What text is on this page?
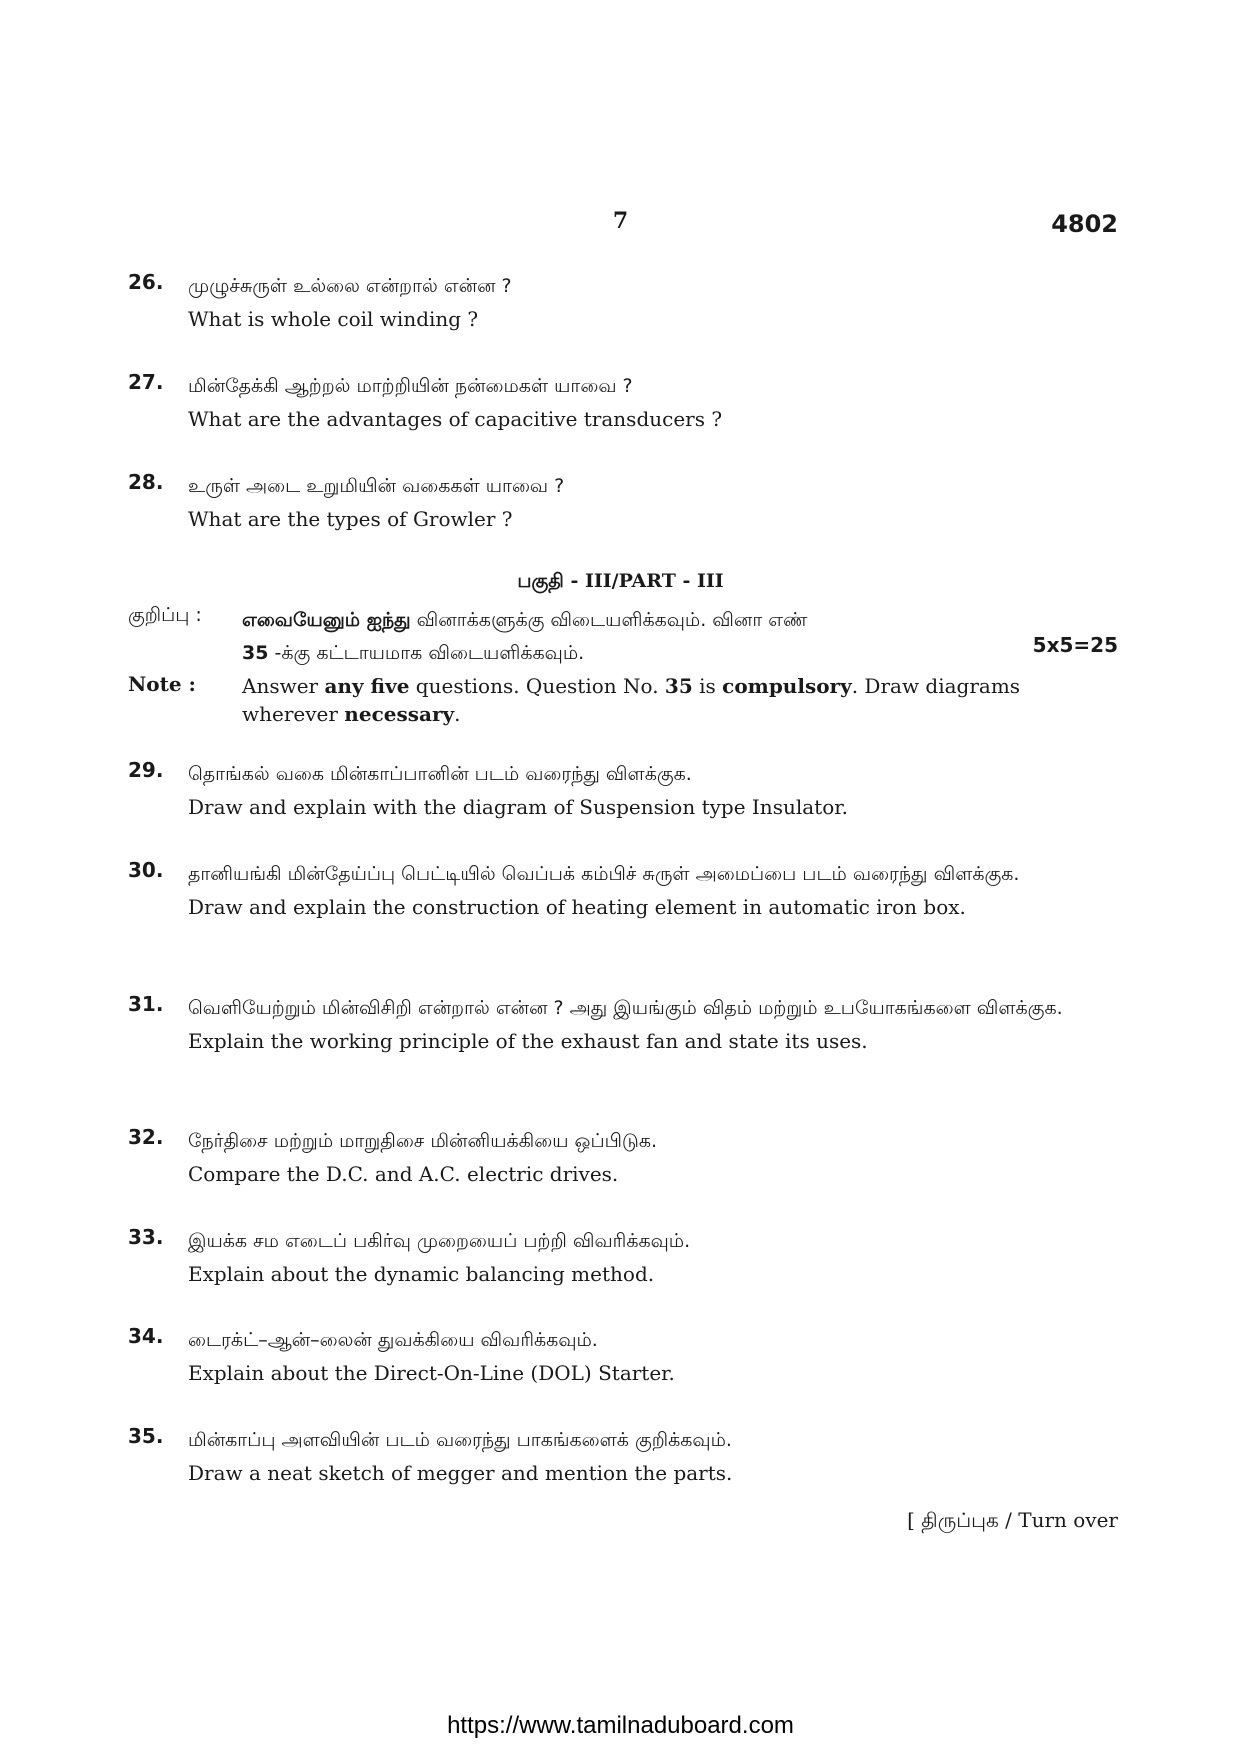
7	4802
26. முழுச்சுருள் உல்லை என்றால் என்ன ?
What is whole coil winding ?
27. மின்தேக்கி ஆற்றல் மாற்றியின் நன்மைகள் யாவை ?
What are the advantages of capacitive transducers ?
28. உருள் அடை உறுமியின் வகைகள் யாவை ?
What are the types of Growler ?
பகுதி - III/PART - III
குறிப்பு : எவையேனும் ஐந்து வினாக்களுக்கு விடையளிக்கவும். வினா எண்
35 -க்கு கட்டாயமாக விடையளிக்கவும்.	5x5=25
Note : Answer any five questions. Question No. 35 is compulsory. Draw diagrams wherever necessary.
29. தொங்கல் வகை மின்காப்பானின் படம் வரைந்து விளக்குக.
Draw and explain with the diagram of Suspension type Insulator.
30. தானியங்கி மின்தேய்ப்பு பெட்டியில் வெப்பக் கம்பிச் சுருள் அமைப்பை படம் வரைந்து விளக்குக.
Draw and explain the construction of heating element in automatic iron box.
31. வெளியேற்றும் மின்விசிறி என்றால் என்ன ? அது இயங்கும் விதம் மற்றும் உபயோகங்களை விளக்குக.
Explain the working principle of the exhaust fan and state its uses.
32. நேர்திசை மற்றும் மாறுதிசை மின்னியக்கியை ஒப்பிடுக.
Compare the D.C. and A.C. electric drives.
33. இயக்க சம எடைப் பகிர்வு முறையைப் பற்றி விவரிக்கவும்.
Explain about the dynamic balancing method.
34. டைரக்ட்–ஆன்–லைன் துவக்கியை விவரிக்கவும்.
Explain about the Direct-On-Line (DOL) Starter.
35. மின்காப்பு அளவியின் படம் வரைந்து பாகங்களைக் குறிக்கவும்.
Draw a neat sketch of megger and mention the parts.
[ திருப்புக / Turn over
https://www.tamilnaduboard.com
